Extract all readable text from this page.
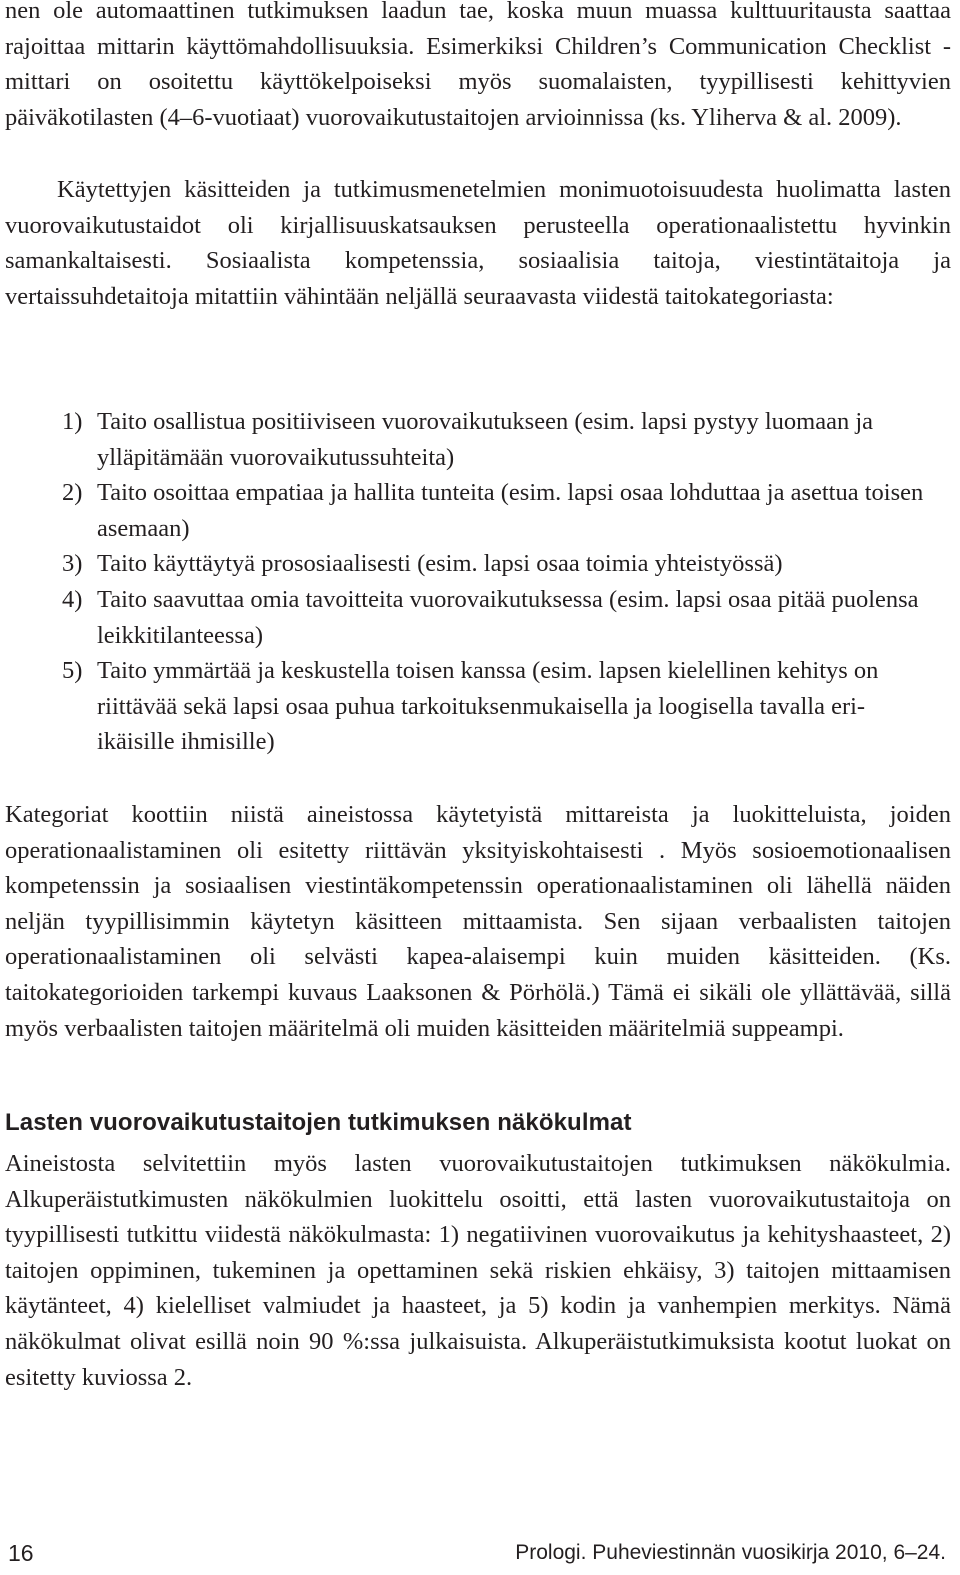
nen ole automaattinen tutkimuksen laadun tae, koska muun muassa kulttuuritausta saattaa rajoittaa mittarin käyttömahdollisuuksia. Esimerkiksi Children’s Communication Checklist -mittari on osoitettu käyttökelpoiseksi myös suomalaisten, tyypillisesti kehittyvien päiväkotilasten (4–6-vuotiaat) vuorovaikutustaitojen arvioinnissa (ks. Yliherva & al. 2009).

Käytettyjen käsitteiden ja tutkimusmenetelmien monimuotoisuudesta huolimatta lasten vuorovaikutustaidot oli kirjallisuuskatsauksen perusteella operationaalistettu hyvinkin samankaltaisesti. Sosiaalista kompetenssia, sosiaalisia taitoja, viestintätaitoja ja vertaissuhdetaitoja mitattiin vähintään neljällä seuraavasta viidestä taitokategoriasta:

1) Taito osallistua positiiviseen vuorovaikutukseen (esim. lapsi pystyy luomaan ja ylläpitämään vuorovaikutussuhteita)
2) Taito osoittaa empatiaa ja hallita tunteita (esim. lapsi osaa lohduttaa ja asettua toisen asemaan)
3) Taito käyttäytyä prososiaalisesti (esim. lapsi osaa toimia yhteistyössä)
4) Taito saavuttaa omia tavoitteita vuorovaikutuksessa (esim. lapsi osaa pitää puolensa leikkitilanteessa)
5) Taito ymmärtää ja keskustella toisen kanssa (esim. lapsen kielellinen kehitys on riittävää sekä lapsi osaa puhua tarkoituksenmukaisella ja loogisella tavalla eri-ikäisille ihmisille)

Kategoriat koottiin niistä aineistossa käytetyistä mittareista ja luokitteluista, joiden operationaalistaminen oli esitetty riittävän yksityiskohtaisesti . Myös sosioemotionaalisen kompetenssin ja sosiaalisen viestintäkompetenssin operationaalistaminen oli lähellä näiden neljän tyypillisimmin käytetyn käsitteen mittaamista. Sen sijaan verbaalisten taitojen operationaalistaminen oli selvästi kapea-alaisempi kuin muiden käsitteiden. (Ks. taitokategorioiden tarkempi kuvaus Laaksonen & Pörhölä.) Tämä ei sikäli ole yllättävää, sillä myös verbaalisten taitojen määritelmä oli muiden käsitteiden määritelmiä suppeampi.

Lasten vuorovaikutustaitojen tutkimuksen näkökulmat

Aineistosta selvitettiin myös lasten vuorovaikutustaitojen tutkimuksen näkökulmia. Alkuperäistutkimusten näkökulmien luokittelu osoitti, että lasten vuorovaikutustaitoja on tyypillisesti tutkittu viidestä näkökulmasta: 1) negatiivinen vuorovaikutus ja kehityshaasteet, 2) taitojen oppiminen, tukeminen ja opettaminen sekä riskien ehkäisy, 3) taitojen mittaamisen käytänteet, 4) kielelliset valmiudet ja haasteet, ja 5) kodin ja vanhempien merkitys. Nämä näkökulmat olivat esillä noin 90 %:ssa julkaisuista. Alkuperäistutkimuksista kootut luokat on esitetty kuviossa 2.

16	Prologi. Puheviestinnän vuosikirja 2010, 6–24.
